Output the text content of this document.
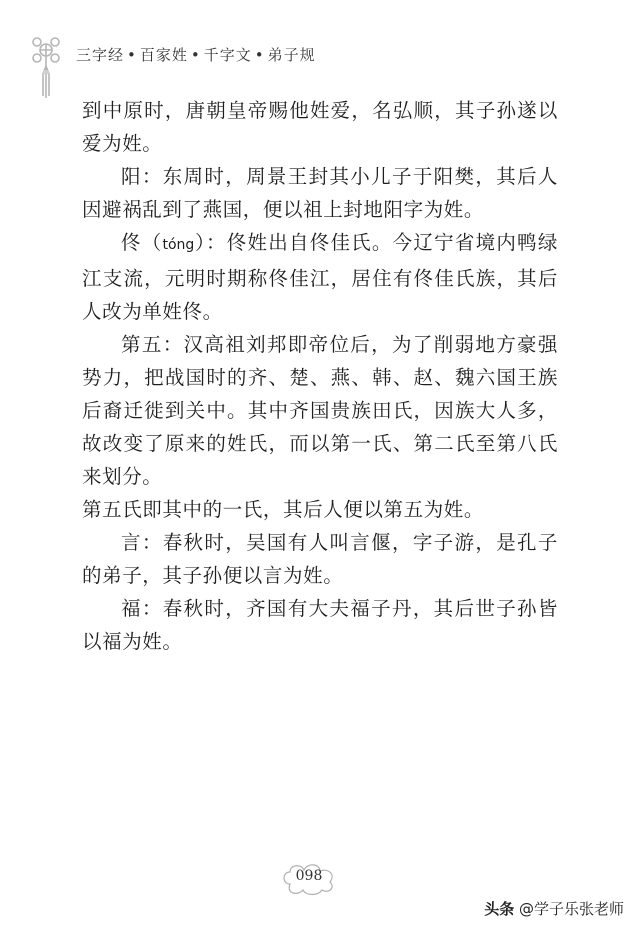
三字经 • 百家姓 • 千字文 • 弟子规

到中原时，唐朝皇帝赐他姓爱，名弘顺，其子孙遂以爱为姓。

阳：东周时，周景王封其小儿子于阳樊，其后人因避祸乱到了燕国，便以祖上封地阳字为姓。

佟（tóng）：佟姓出自佟佳氏。今辽宁省境内鸭绿江支流，元明时期称佟佳江，居住有佟佳氏族，其后人改为单姓佟。

第五：汉高祖刘邦即帝位后，为了削弱地方豪强势力，把战国时的齐、楚、燕、韩、赵、魏六国王族后裔迁徙到关中。其中齐国贵族田氏，因族大人多，故改变了原来的姓氏，而以第一氏、第二氏至第八氏来划分。

第五氏即其中的一氏，其后人便以第五为姓。

言：春秋时，吴国有人叫言偃，字子游，是孔子的弟子，其子孙便以言为姓。

福：春秋时，齐国有大夫福子丹，其后世子孙皆以福为姓。

098
头条 @学子乐张老师
